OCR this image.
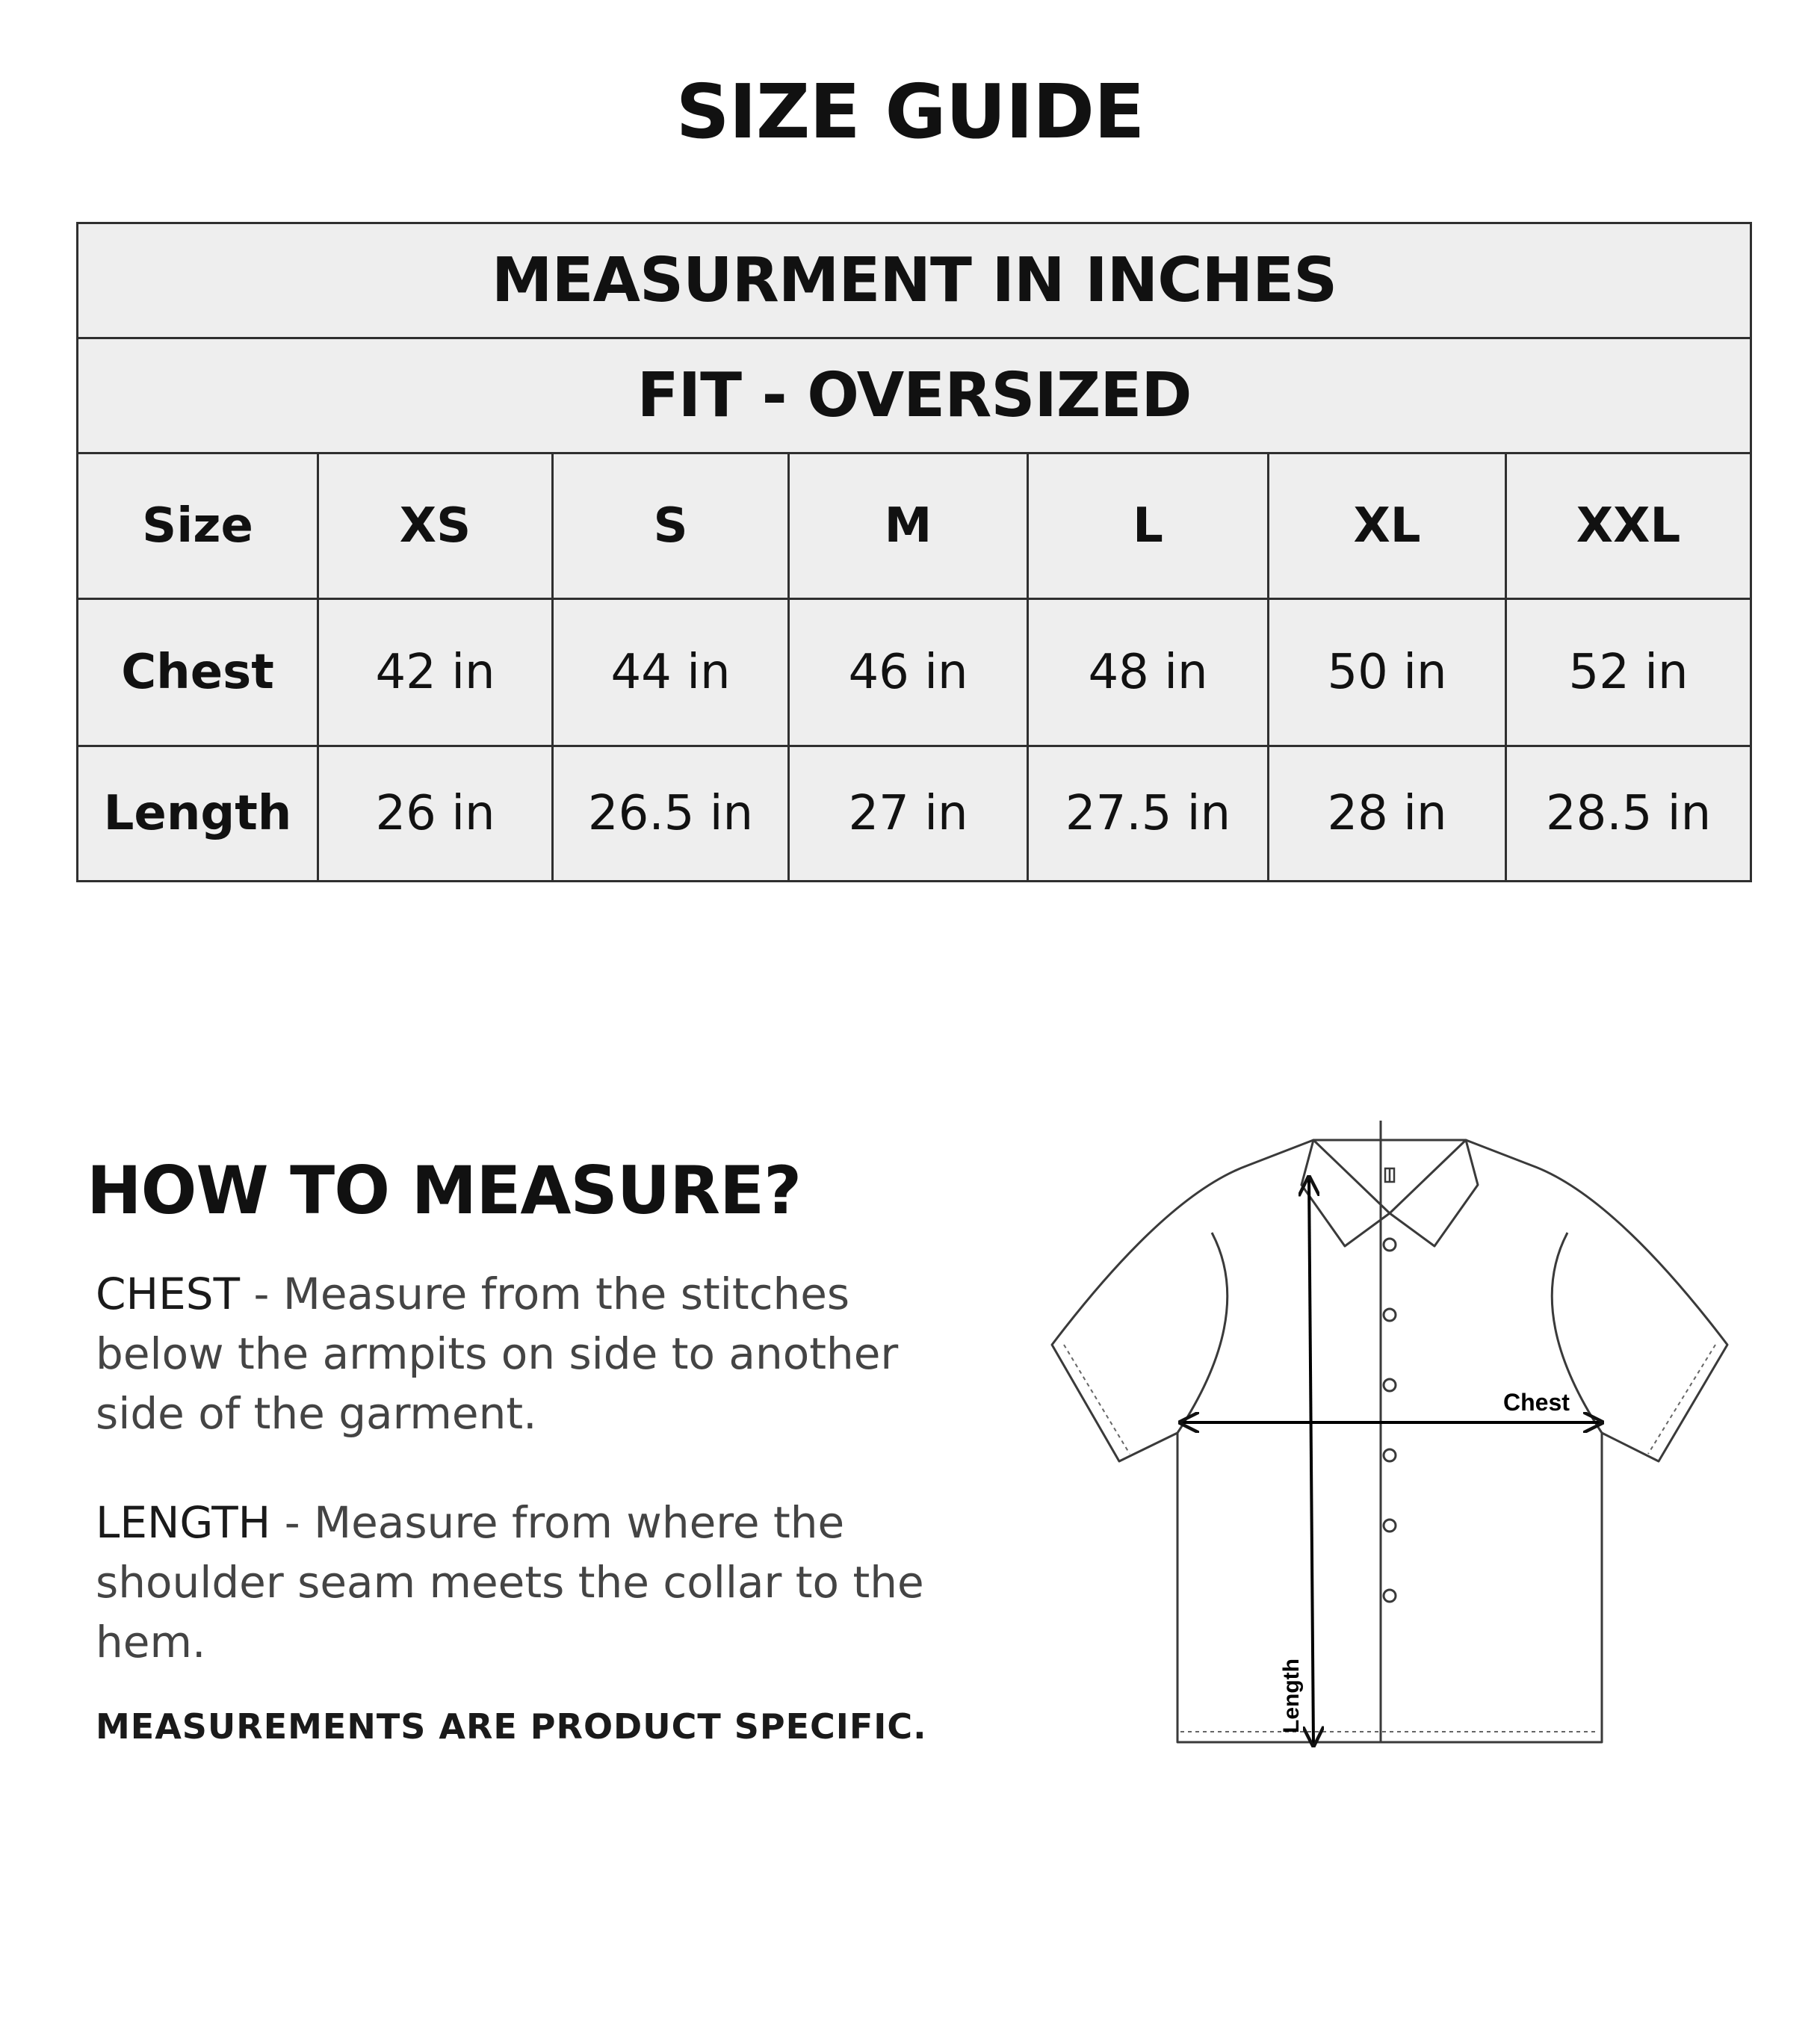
SIZE GUIDE
MEASURMENT IN INCHES						
FIT - OVERSIZED						
Size	XS	S	M	L	XL	XXL
Chest	42 in	44 in	46 in	48 in	50 in	52 in
Length	26 in	26.5 in	27 in	27.5 in	28 in	28.5 in
HOW TO MEASURE?
CHEST - Measure from the stitches below the armpits on side to another side of the garment.
LENGTH - Measure from where the shoulder seam meets the collar to the hem.
MEASUREMENTS ARE PRODUCT SPECIFIC.
Chest
Length
